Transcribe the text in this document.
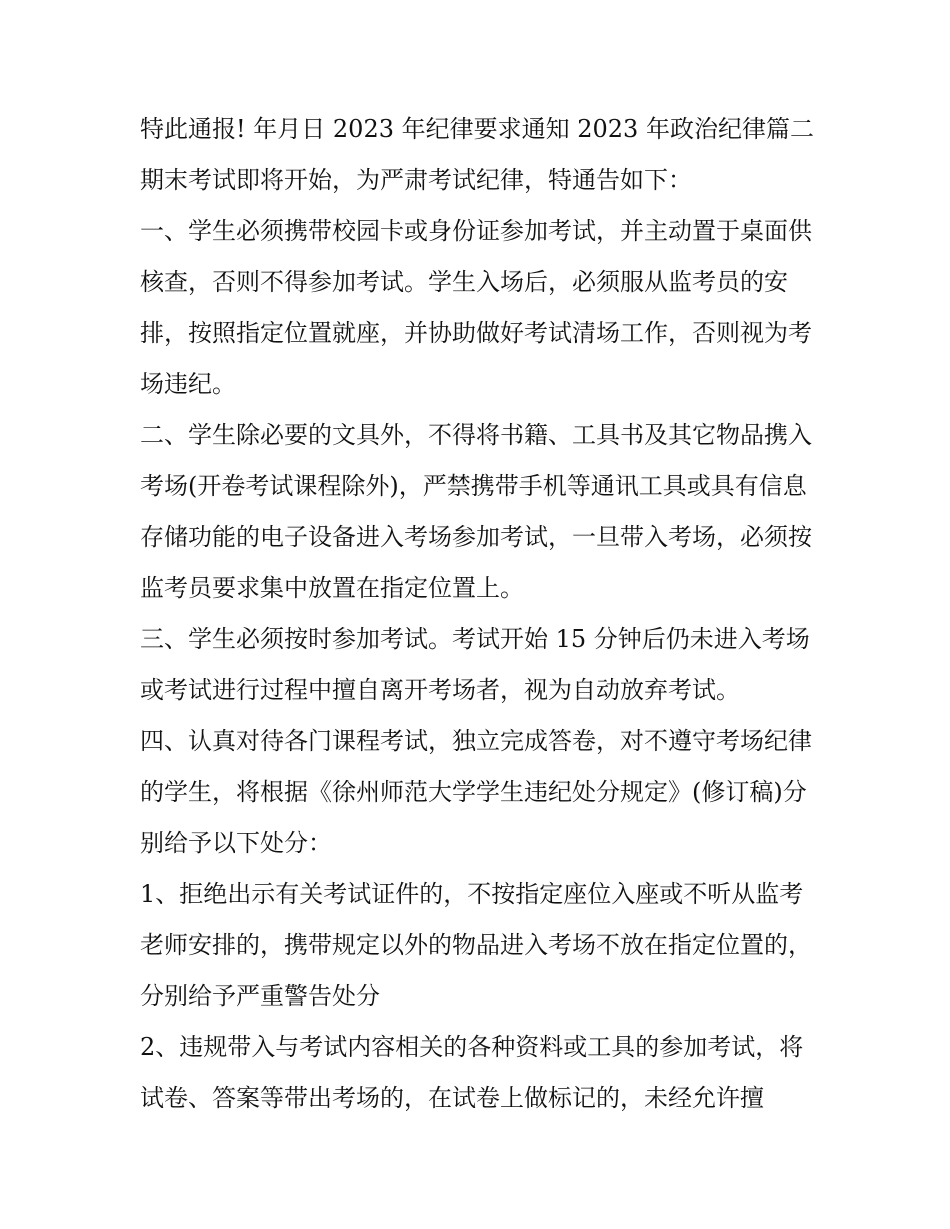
特此通报! 年月日 2023 年纪律要求通知 2023 年政治纪律篇二

期末考试即将开始，为严肃考试纪律，特通告如下：

一、学生必须携带校园卡或身份证参加考试，并主动置于桌面供核查，否则不得参加考试。学生入场后，必须服从监考员的安排，按照指定位置就座，并协助做好考试清场工作，否则视为考场违纪。

二、学生除必要的文具外，不得将书籍、工具书及其它物品携入考场(开卷考试课程除外)，严禁携带手机等通讯工具或具有信息存储功能的电子设备进入考场参加考试，一旦带入考场，必须按监考员要求集中放置在指定位置上。

三、学生必须按时参加考试。考试开始 15 分钟后仍未进入考场或考试进行过程中擅自离开考场者，视为自动放弃考试。

四、认真对待各门课程考试，独立完成答卷，对不遵守考场纪律的学生，将根据《徐州师范大学学生违纪处分规定》(修订稿)分别给予以下处分：

1、拒绝出示有关考试证件的，不按指定座位入座或不听从监考老师安排的，携带规定以外的物品进入考场不放在指定位置的，分别给予严重警告处分

2、违规带入与考试内容相关的各种资料或工具的参加考试，将试卷、答案等带出考场的，在试卷上做标记的，未经允许擅
